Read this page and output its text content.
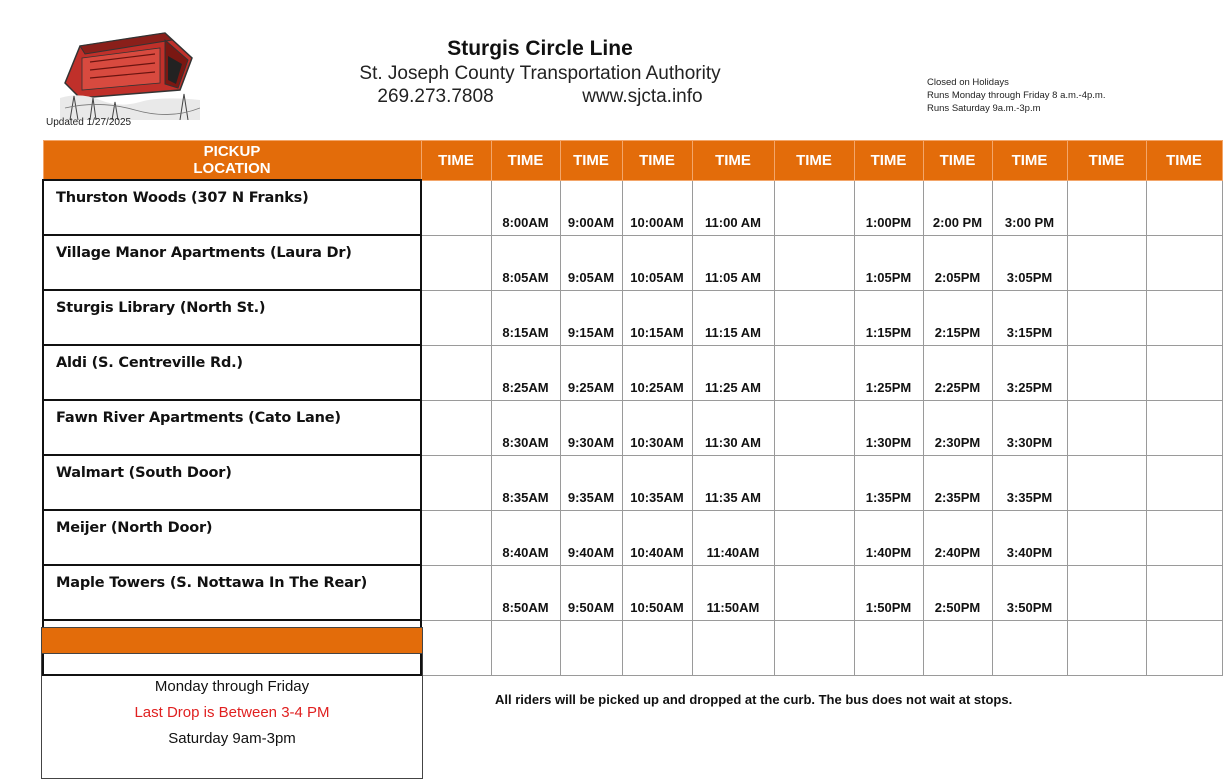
Updated 1/27/2025
Sturgis Circle Line
St. Joseph County Transportation Authority
269.273.7808	www.sjcta.info
Closed on Holidays
Runs Monday through Friday 8 a.m.-4p.m.
Runs Saturday 9a.m.-3p.m
PICKUP
LOCATION	TIME	TIME	TIME	TIME	TIME	TIME	TIME	TIME	TIME	TIME	TIME
Thurston Woods (307 N Franks)		8:00AM	9:00AM	10:00AM	11:00 AM		1:00PM	2:00 PM	3:00 PM		

Village Manor Apartments (Laura Dr)		8:05AM	9:05AM	10:05AM	11:05 AM		1:05PM	2:05PM	3:05PM		

Sturgis Library (North St.)		8:15AM	9:15AM	10:15AM	11:15 AM		1:15PM	2:15PM	3:15PM		

Aldi (S. Centreville Rd.)		8:25AM	9:25AM	10:25AM	11:25 AM		1:25PM	2:25PM	3:25PM		

Fawn River Apartments (Cato Lane)		8:30AM	9:30AM	10:30AM	11:30 AM		1:30PM	2:30PM	3:30PM		

Walmart (South Door)		8:35AM	9:35AM	10:35AM	11:35 AM		1:35PM	2:35PM	3:35PM		

Meijer (North Door)		8:40AM	9:40AM	10:40AM	11:40AM		1:40PM	2:40PM	3:40PM		

Maple Towers (S. Nottawa In The Rear)		8:50AM	9:50AM	10:50AM	11:50AM		1:50PM	2:50PM	3:50PM		

Monday through Friday
Last Drop is Between 3-4 PM
Saturday 9am-3pm
All riders will be picked up and dropped at the curb. The bus does not wait at stops.
